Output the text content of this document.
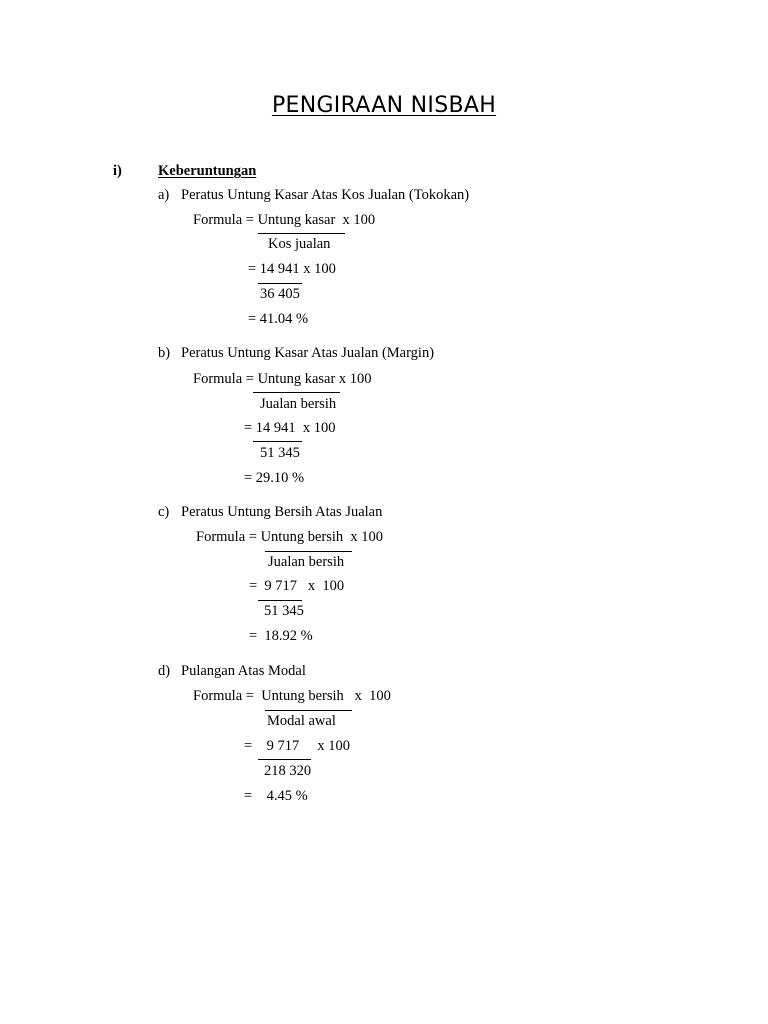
PENGIRAAN NISBAH
i) Keberuntungan
a) Peratus Untung Kasar Atas Kos Jualan (Tokokan)
Formula = Untung kasar  x 100
Kos jualan
= 14 941 x 100
36 405
= 41.04 %
b) Peratus Untung Kasar Atas Jualan (Margin)
Formula = Untung kasar x 100
Jualan bersih
= 14 941  x 100
51 345
= 29.10 %
c) Peratus Untung Bersih Atas Jualan
Formula = Untung bersih  x 100
Jualan bersih
=  9 717   x  100
51 345
=  18.92 %
d) Pulangan Atas Modal
Formula =  Untung bersih   x  100
Modal awal
=    9 717     x 100
218 320
=    4.45 %
